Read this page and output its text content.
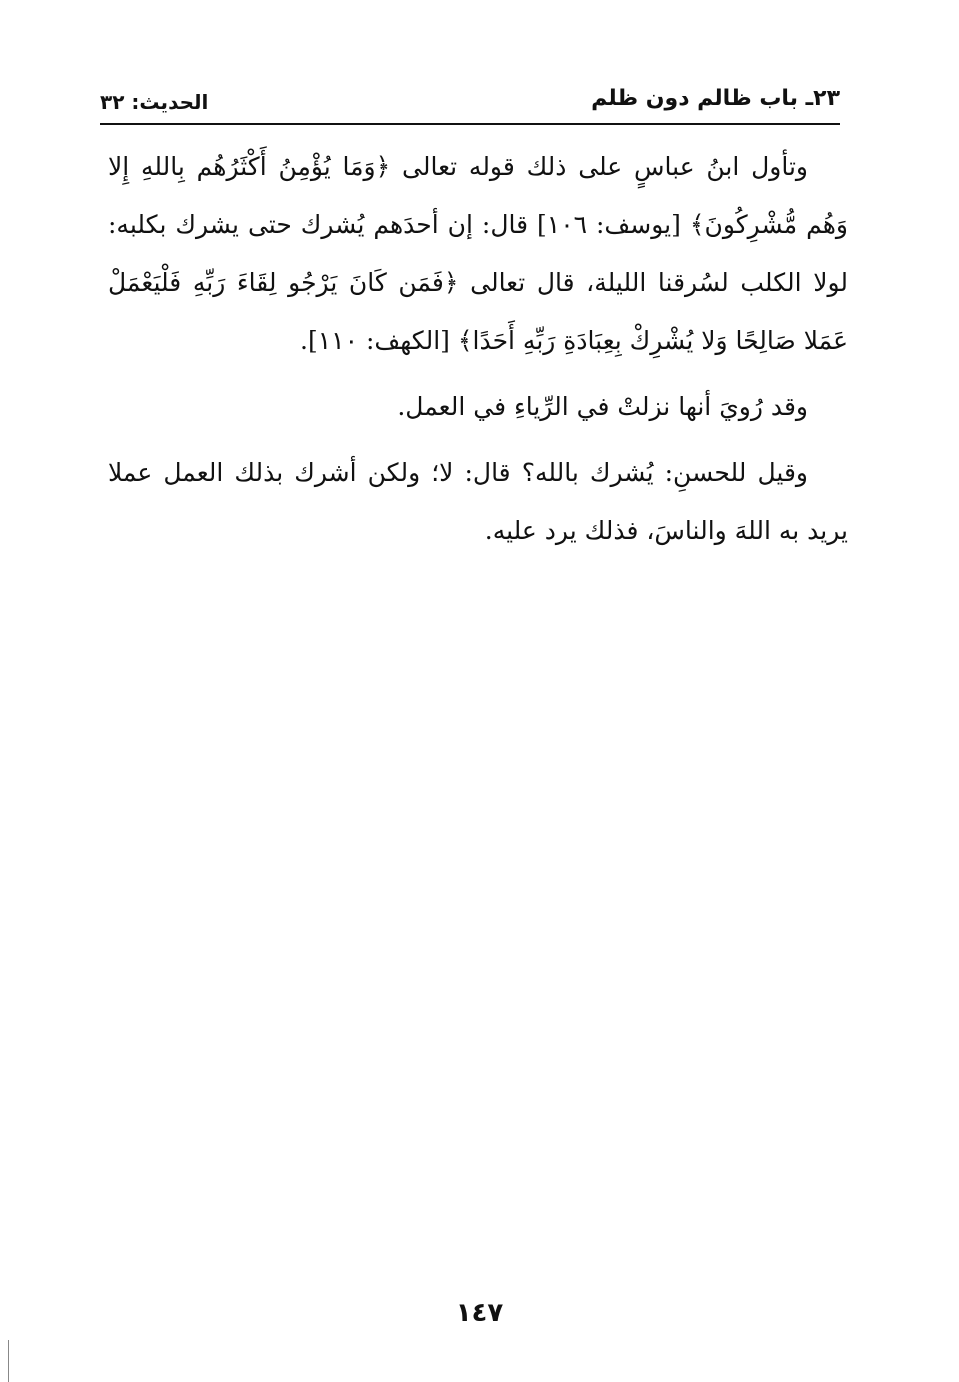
٢٣ـ باب ظالم دون ظلم
الحديث: ٣٢

وتأول ابنُ عباسٍ على ذلك قوله تعالى ﴿وَمَا يُؤْمِنُ أَكْثَرُهُم بِاللهِ إِلا وَهُم مُّشْرِكُونَ﴾ [يوسف: ١٠٦] قال: إن أحدَهم يُشرك حتى يشرك بكلبه: لولا الكلب لسُرقنا الليلة، قال تعالى ﴿فَمَن كَانَ يَرْجُو لِقَاءَ رَبِّهِ فَلْيَعْمَلْ عَمَلا صَالِحًا وَلا يُشْرِكْ بِعِبَادَةِ رَبِّهِ أَحَدًا﴾ [الكهف: ١١٠].

وقد رُويَ أنها نزلتْ في الرِّياءِ في العمل.

وقيل للحسنِ: يُشرك بالله؟ قال: لا؛ ولكن أشرك بذلك العمل عملا يريد به اللهَ والناسَ، فذلك يرد عليه.

١٤٧
